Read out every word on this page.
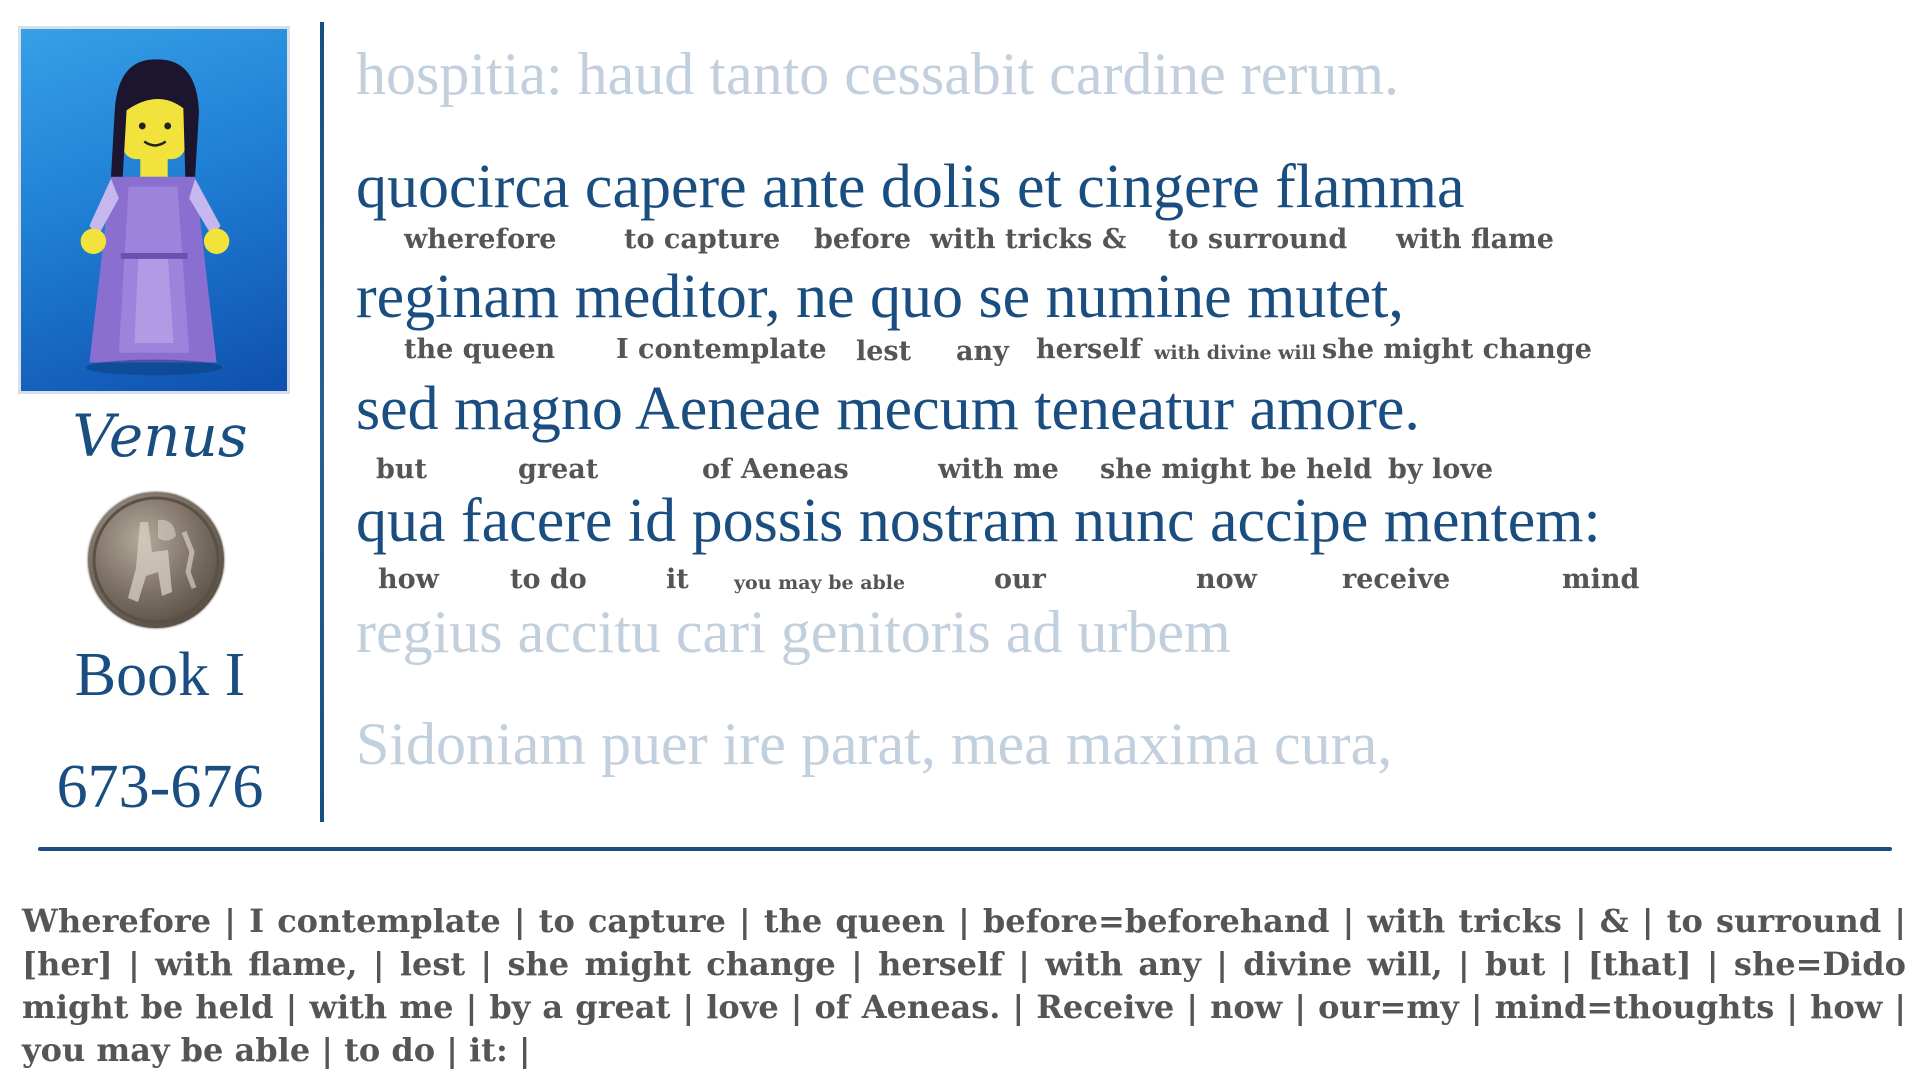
Venus
Book I
673-676
hospitia: haud tanto cessabit cardine rerum.
quocirca capere ante dolis et cingere flamma
wherefore	to capture before with tricks & to surround with flame
reginam meditor, ne quo se numine mutet,
the queen I contemplate lest any herself with divine will she might change
sed magno Aeneae mecum teneatur amore.
but	great	of Aeneas	with me she might be held by love
qua facere id possis nostram nunc accipe mentem:
how	to do	it you may be able	our	now	receive	mind
regius accitu cari genitoris ad urbem
Sidoniam puer ire parat, mea maxima cura,
Wherefore | I contemplate | to capture | the queen | before=beforehand | with tricks | & | to surround | [her] | with flame, | lest | she might change | herself | with any | divine will, | but | [that] | she=Dido might be held | with me | by a great | love | of Aeneas. | Receive | now | our=my | mind=thoughts | how | you may be able | to do | it: |
